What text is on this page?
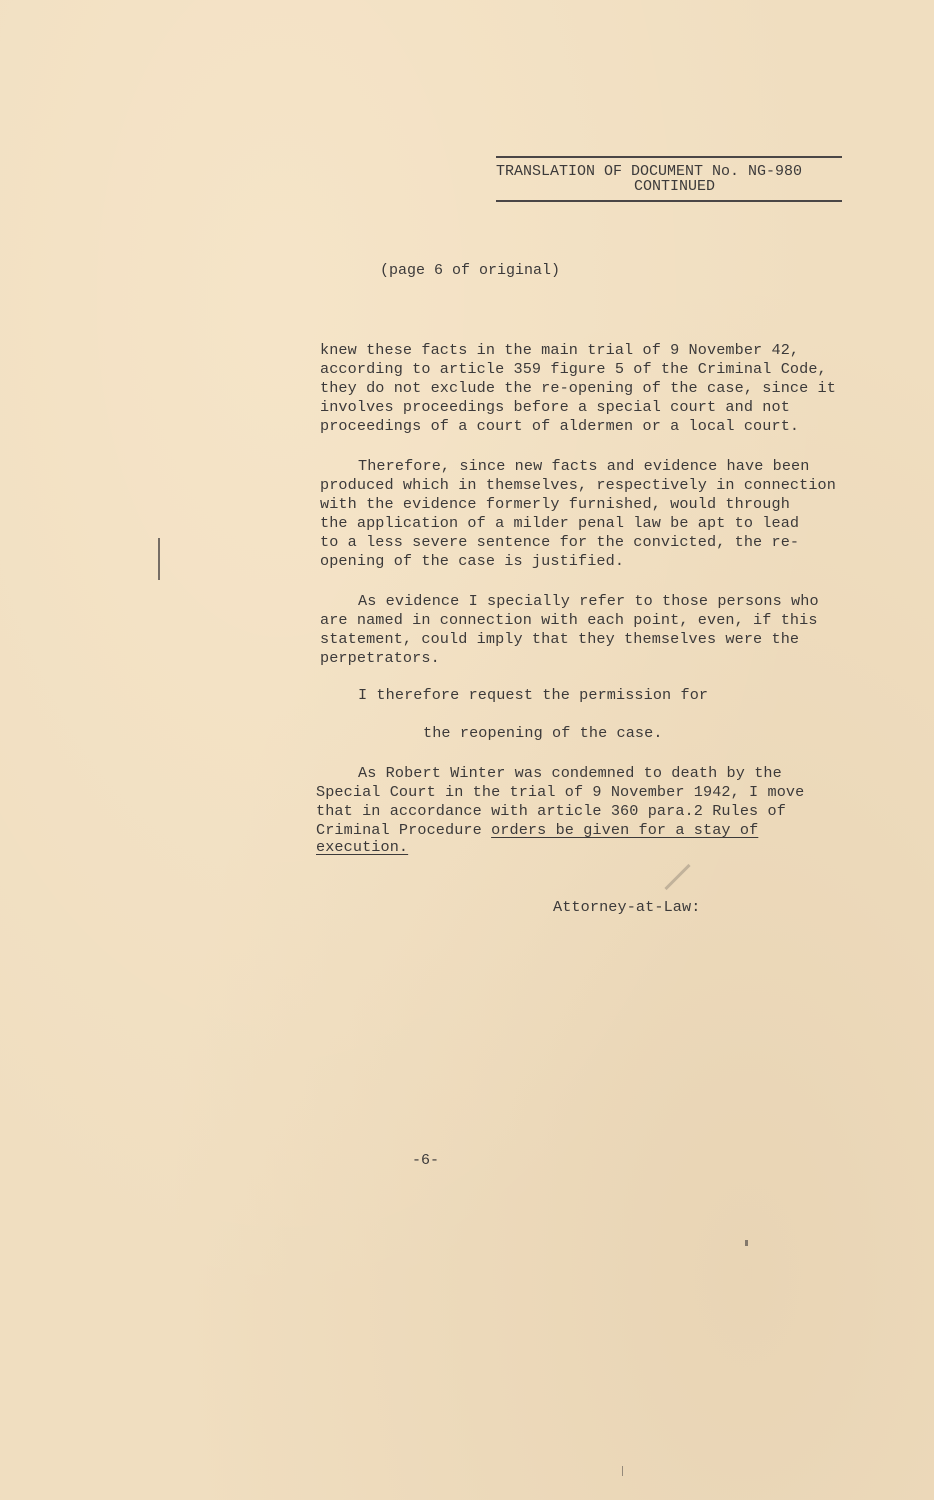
TRANSLATION OF DOCUMENT No. NG-980
CONTINUED
(page 6 of original)
knew these facts in the main trial of 9 November 42,
according to article 359 figure 5 of the Criminal Code,
they do not exclude the re-opening of the case, since it
involves proceedings before a special court and not
proceedings of a court of aldermen or a local court.
Therefore, since new facts and evidence have been
produced which in themselves, respectively in connection
with the evidence formerly furnished, would through
the application of a milder penal law be apt to lead
to a less severe sentence for the convicted, the re-
opening of the case is justified.
As evidence I specially refer to those persons who
are named in connection with each point, even, if this
statement, could imply that they themselves were the
perpetrators.
I therefore request the permission for
the reopening of the case.
As Robert Winter was condemned to death by the
Special Court in the trial of 9 November 1942, I move
that in accordance with article 360 para.2 Rules of
Criminal Procedure orders be given for a stay of
execution.
Attorney-at-Law:
-6-
